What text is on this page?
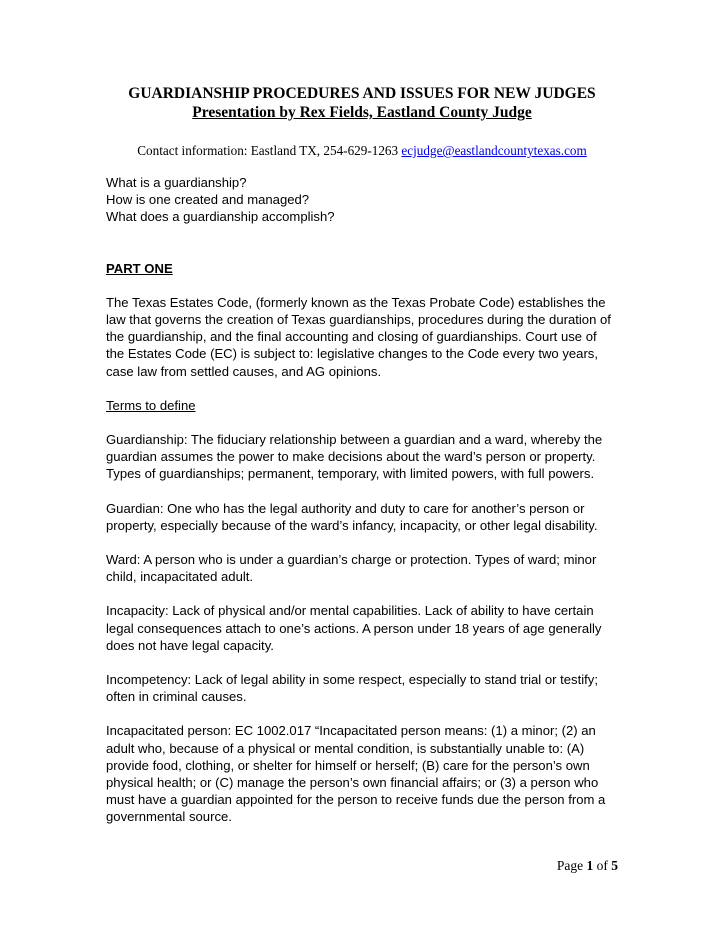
GUARDIANSHIP PROCEDURES AND ISSUES FOR NEW JUDGES
Presentation by Rex Fields, Eastland County Judge
Contact information: Eastland TX, 254-629-1263 ecjudge@eastlandcountytexas.com
What is a guardianship?
How is one created and managed?
What does a guardianship accomplish?
PART ONE

The Texas Estates Code, (formerly known as the Texas Probate Code) establishes the law that governs the creation of Texas guardianships, procedures during the duration of the guardianship, and the final accounting and closing of guardianships. Court use of the Estates Code (EC) is subject to: legislative changes to the Code every two years, case law from settled causes, and AG opinions.

Terms to define

Guardianship: The fiduciary relationship between a guardian and a ward, whereby the guardian assumes the power to make decisions about the ward’s person or property. Types of guardianships; permanent, temporary, with limited powers, with full powers.

Guardian: One who has the legal authority and duty to care for another’s person or property, especially because of the ward’s infancy, incapacity, or other legal disability.

Ward: A person who is under a guardian’s charge or protection. Types of ward; minor child, incapacitated adult.

Incapacity: Lack of physical and/or mental capabilities. Lack of ability to have certain legal consequences attach to one’s actions. A person under 18 years of age generally does not have legal capacity.

Incompetency: Lack of legal ability in some respect, especially to stand trial or testify; often in criminal causes.

Incapacitated person: EC 1002.017 “Incapacitated person means: (1) a minor; (2) an adult who, because of a physical or mental condition, is substantially unable to: (A) provide food, clothing, or shelter for himself or herself; (B) care for the person’s own physical health; or (C) manage the person’s own financial affairs; or (3) a person who must have a guardian appointed for the person to receive funds due the person from a governmental source.

Page 1 of 5
